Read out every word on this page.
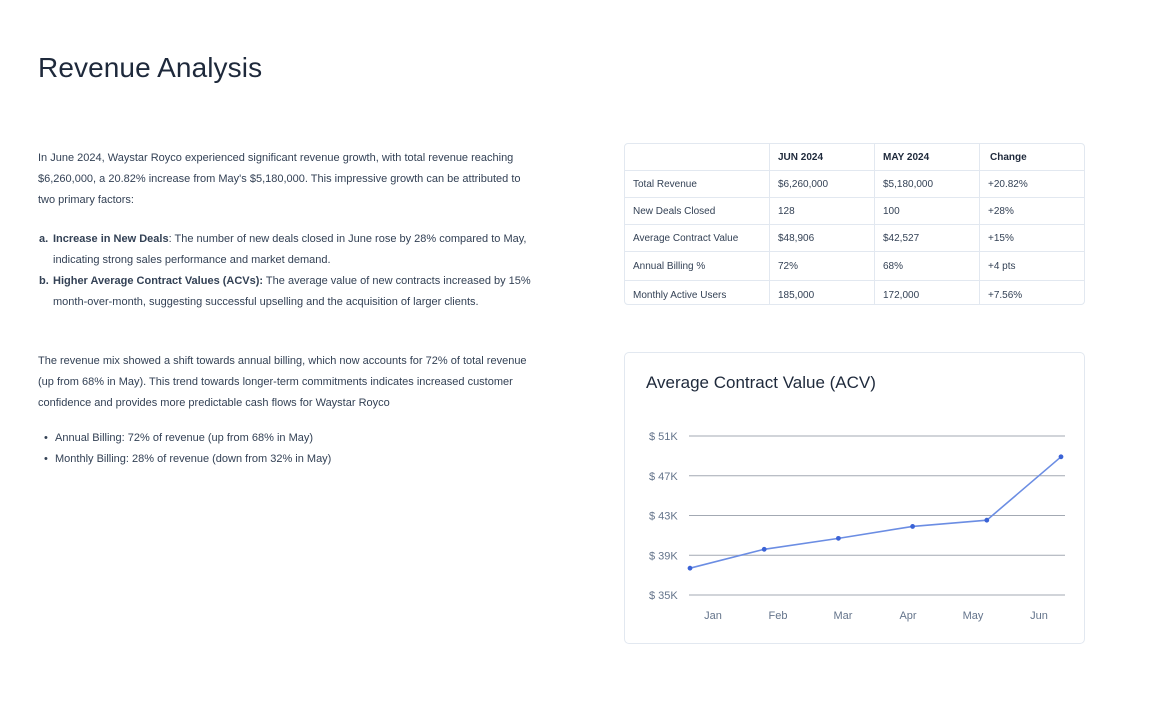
Revenue Analysis

In June 2024, Waystar Royco experienced significant revenue growth, with total revenue reaching $6,260,000, a 20.82% increase from May's $5,180,000. This impressive growth can be attributed to two primary factors:

a. Increase in New Deals: The number of new deals closed in June rose by 28% compared to May, indicating strong sales performance and market demand.
b. Higher Average Contract Values (ACVs): The average value of new contracts increased by 15% month-over-month, suggesting successful upselling and the acquisition of larger clients.

The revenue mix showed a shift towards annual billing, which now accounts for 72% of total revenue (up from 68% in May). This trend towards longer-term commitments indicates increased customer confidence and provides more predictable cash flows for Waystar Royco

• Annual Billing: 72% of revenue (up from 68% in May)
• Monthly Billing: 28% of revenue (down from 32% in May)
	JUN 2024	MAY 2024	Change
Total Revenue	$6,260,000	$5,180,000	+20.82%
New Deals Closed	128	100	+28%
Average Contract Value	$48,906	$42,527	+15%
Annual Billing %	72%	68%	+4 pts
Monthly Active Users	185,000	172,000	+7.56%
Average Contract Value (ACV)
$ 35K
$ 39K
$ 43K
$ 47K
$ 51K
Jan	Feb	Mar	Apr	May	Jun
